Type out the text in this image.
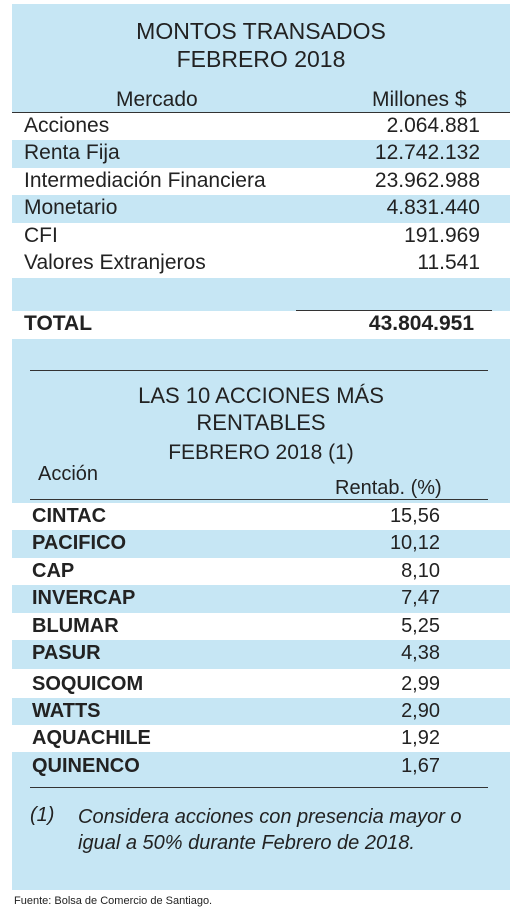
MONTOS TRANSADOS
FEBRERO 2018
Mercado	Millones $
Acciones	2.064.881
Renta Fija	12.742.132
Intermediación Financiera	23.962.988
Monetario	4.831.440
CFI	191.969
Valores Extranjeros	11.541
TOTAL	43.804.951
LAS 10 ACCIONES MÁS
RENTABLES
FEBRERO 2018 (1)
Acción
Rentab. (%)
CINTAC	15,56
PACIFICO	10,12
CAP	8,10
INVERCAP	7,47
BLUMAR	5,25
PASUR	4,38
SOQUICOM	2,99
WATTS	2,90
AQUACHILE	1,92
QUINENCO	1,67
(1) Considera acciones con presencia mayor o igual a 50% durante Febrero de 2018.
Fuente: Bolsa de Comercio de Santiago.
